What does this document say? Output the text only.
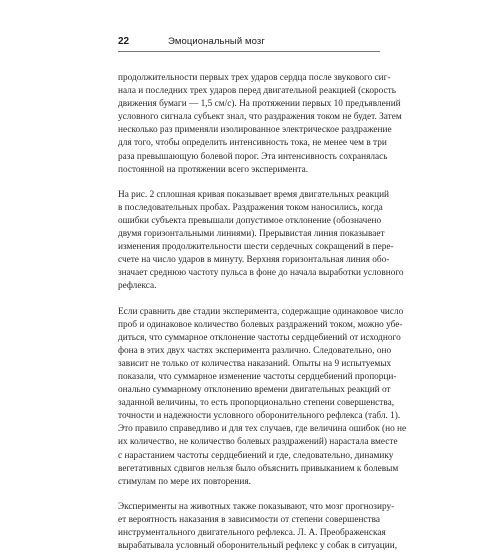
22	Эмоциональный мозг
продолжительности первых трех ударов сердца после звукового сиг-
нала и последних трех ударов перед двигательной реакцией (скорость
движения бумаги — 1,5 см/с). На протяжении первых 10 предъявлений
условного сигнала субъект знал, что раздражения током не будет. Затем
несколько раз применяли изолированное электрическое раздражение
для того, чтобы определить интенсивность тока, не менее чем в три
раза превышающую болевой порог. Эта интенсивность сохранялась
постоянной на протяжении всего эксперимента.
На рис. 2 сплошная кривая показывает время двигательных реакций
в последовательных пробах. Раздражения током наносились, когда
ошибки субъекта превышали допустимое отклонение (обозначено
двумя горизонтальными линиями). Прерывистая линия показывает
изменения продолжительности шести сердечных сокращений в пере-
счете на число ударов в минуту. Верхняя горизонтальная линия обо-
значает среднюю частоту пульса в фоне до начала выработки условного
рефлекса.
Если сравнить две стадии эксперимента, содержащие одинаковое число
проб и одинаковое количество болевых раздражений током, можно убе-
диться, что суммарное отклонение частоты сердцебиений от исходного
фона в этих двух частях эксперимента различно. Следовательно, оно
зависит не только от количества наказаний. Опыты на 9 испытуемых
показали, что суммарное изменение частоты сердцебиений пропорци-
онально суммарному отклонению времени двигательных реакций от
заданной величины, то есть пропорционально степени совершенства,
точности и надежности условного оборонительного рефлекса (табл. 1).
Это правило справедливо и для тех случаев, где величина ошибок (но не
их количество, не количество болевых раздражений) нарастала вместе
с нарастанием частоты сердцебиений и где, следовательно, динамику
вегетативных сдвигов нельзя было объяснить привыканием к болевым
стимулам по мере их повторения.
Эксперименты на животных также показывают, что мозг прогнозиру-
ет вероятность наказания в зависимости от степени совершенства
инструментального двигательного рефлекса. Л. А. Преображенская
вырабатывала условный оборонительный рефлекс у собак в ситуации,
